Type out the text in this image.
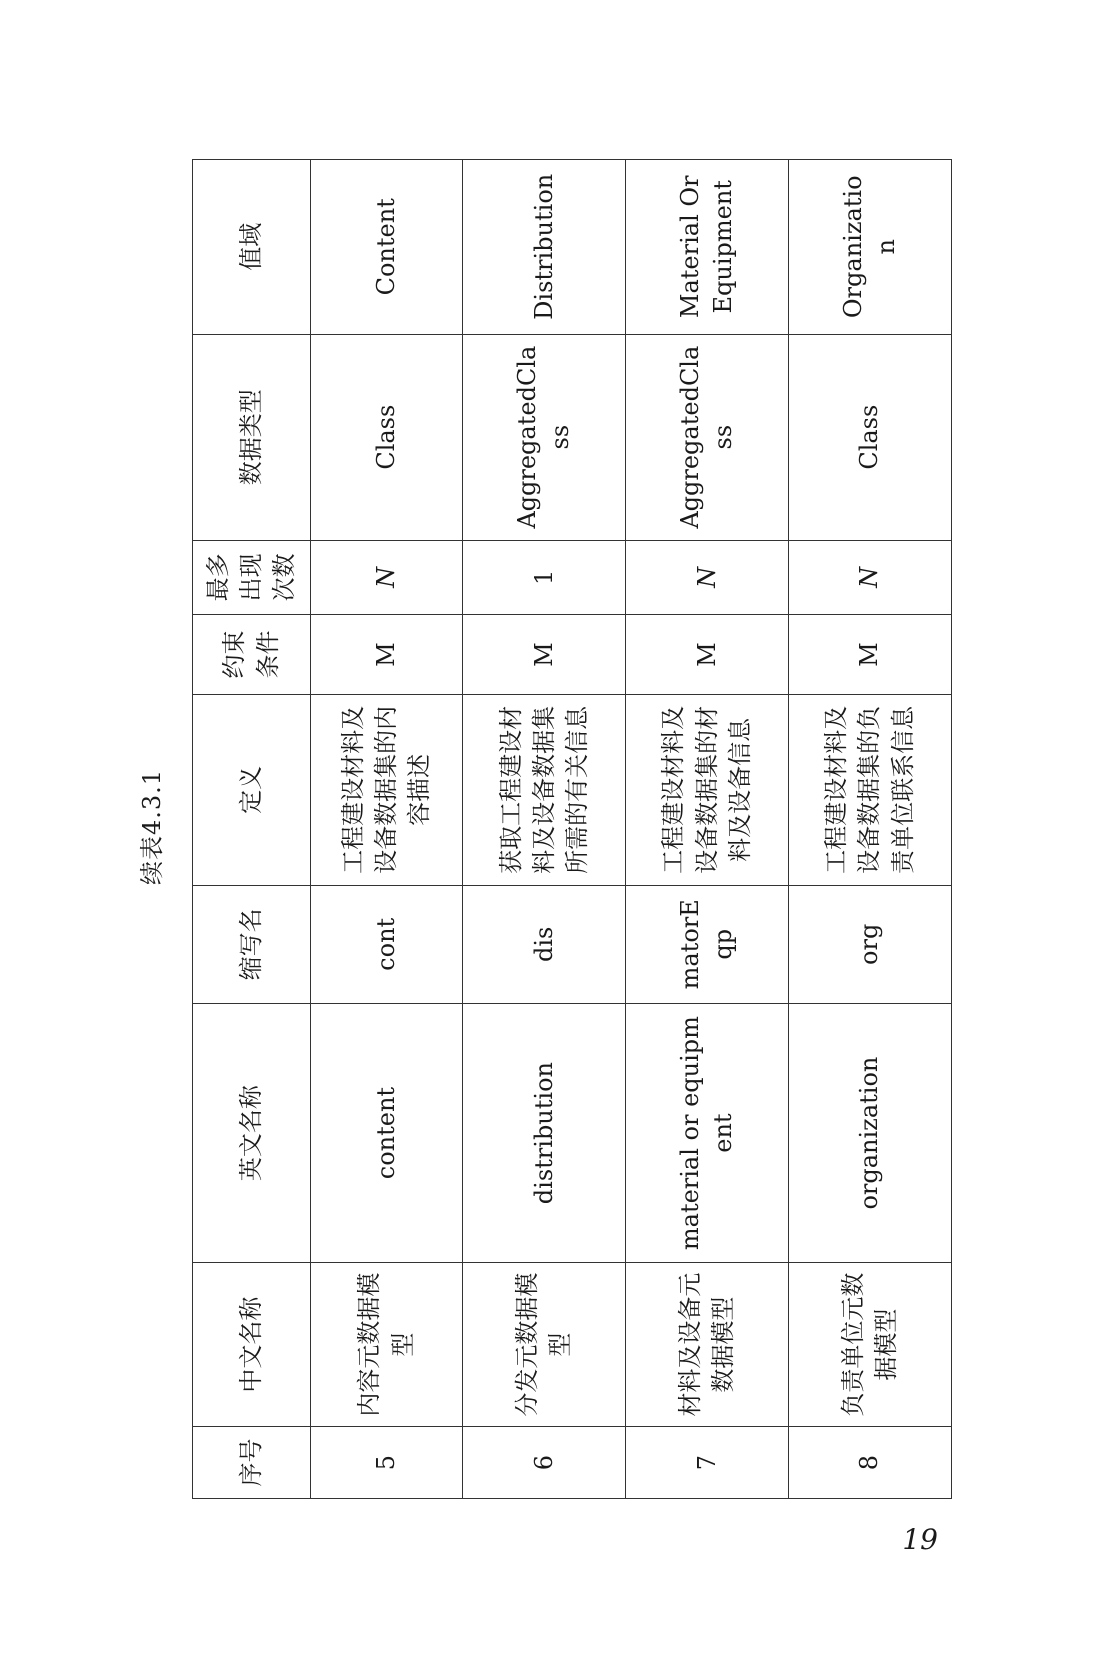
续表4.3.1
序号	中文名称	英文名称	缩写名	定义	约束条件	最多出现次数	数据类型	值域
5	内容元数据模型	content	cont	工程建设材料及设备数据集的内容描述	M	N	Class	Content
6	分发元数据模型	distribution	dis	获取工程建设材料及设备数据集所需的有关信息	M	1	AggregatedClass	Distribution
7	材料及设备元数据模型	material or equipment	matorEqp	工程建设材料及设备数据集的材料及设备信息	M	N	AggregatedClass	Material Or Equipment
8	负责单位元数据模型	organization	org	工程建设材料及设备数据集的负责单位联系信息	M	N	Class	Organization
19
